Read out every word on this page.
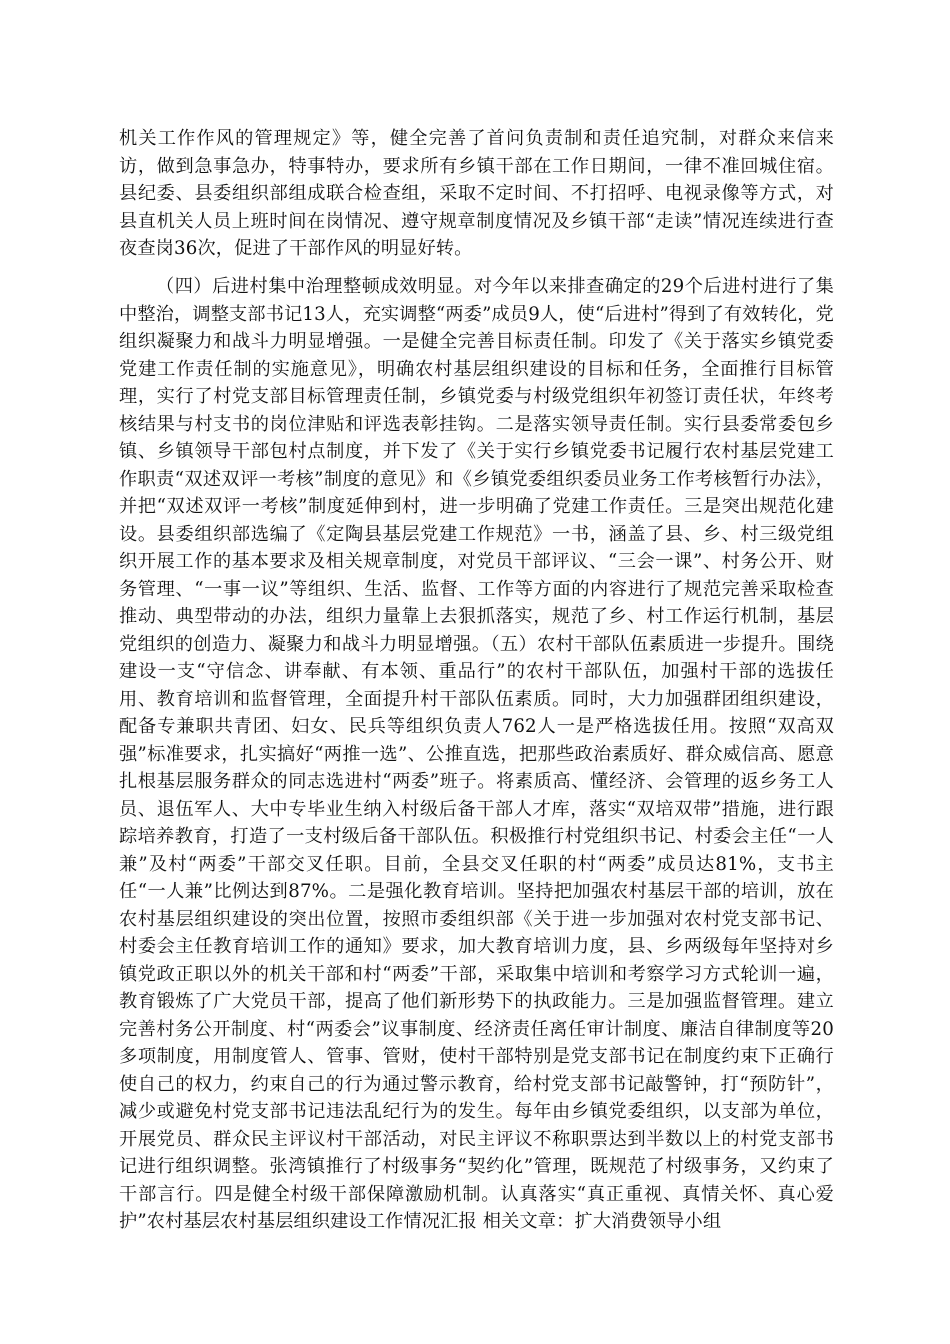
机关工作作风的管理规定》等，健全完善了首问负责制和责任追究制，对群众来信来访，做到急事急办，特事特办，要求所有乡镇干部在工作日期间，一律不准回城住宿。县纪委、县委组织部组成联合检查组，采取不定时间、不打招呼、电视录像等方式，对县直机关人员上班时间在岗情况、遵守规章制度情况及乡镇干部“走读”情况连续进行查夜查岗36次，促进了干部作风的明显好转。
（四）后进村集中治理整顿成效明显。对今年以来排查确定的29个后进村进行了集中整治，调整支部书记13人，充实调整“两委”成员9人，使“后进村”得到了有效转化，党组织凝聚力和战斗力明显增强。一是健全完善目标责任制。印发了《关于落实乡镇党委党建工作责任制的实施意见》，明确农村基层组织建设的目标和任务，全面推行目标管理，实行了村党支部目标管理责任制，乡镇党委与村级党组织年初签订责任状，年终考核结果与村支书的岗位津贴和评选表彰挂钩。二是落实领导责任制。实行县委常委包乡镇、乡镇领导干部包村点制度，并下发了《关于实行乡镇党委书记履行农村基层党建工作职责“双述双评一考核”制度的意见》和《乡镇党委组织委员业务工作考核暂行办法》，并把“双述双评一考核”制度延伸到村，进一步明确了党建工作责任。三是突出规范化建设。县委组织部选编了《定陶县基层党建工作规范》一书，涵盖了县、乡、村三级党组织开展工作的基本要求及相关规章制度，对党员干部评议、“三会一课”、村务公开、财务管理、“一事一议”等组织、生活、监督、工作等方面的内容进行了规范完善采取检查推动、典型带动的办法，组织力量靠上去狠抓落实，规范了乡、村工作运行机制，基层党组织的创造力、凝聚力和战斗力明显增强。（五）农村干部队伍素质进一步提升。围绕建设一支“守信念、讲奉献、有本领、重品行”的农村干部队伍，加强村干部的选拔任用、教育培训和监督管理，全面提升村干部队伍素质。同时，大力加强群团组织建设，配备专兼职共青团、妇女、民兵等组织负责人762人一是严格选拔任用。按照“双高双强”标准要求，扎实搞好“两推一选”、公推直选，把那些政治素质好、群众威信高、愿意扎根基层服务群众的同志选进村“两委”班子。将素质高、懂经济、会管理的返乡务工人员、退伍军人、大中专毕业生纳入村级后备干部人才库，落实“双培双带”措施，进行跟踪培养教育，打造了一支村级后备干部队伍。积极推行村党组织书记、村委会主任“一人兼”及村“两委”干部交叉任职。目前，全县交叉任职的村“两委”成员达81%，支书主任“一人兼”比例达到87%。二是强化教育培训。坚持把加强农村基层干部的培训，放在农村基层组织建设的突出位置，按照市委组织部《关于进一步加强对农村党支部书记、村委会主任教育培训工作的通知》要求，加大教育培训力度，县、乡两级每年坚持对乡镇党政正职以外的机关干部和村“两委”干部，采取集中培训和考察学习方式轮训一遍，教育锻炼了广大党员干部，提高了他们新形势下的执政能力。三是加强监督管理。建立完善村务公开制度、村“两委会”议事制度、经济责任离任审计制度、廉洁自律制度等20多项制度，用制度管人、管事、管财，使村干部特别是党支部书记在制度约束下正确行使自己的权力，约束自己的行为通过警示教育，给村党支部书记敲警钟，打“预防针”，减少或避免村党支部书记违法乱纪行为的发生。每年由乡镇党委组织，以支部为单位，开展党员、群众民主评议村干部活动，对民主评议不称职票达到半数以上的村党支部书记进行组织调整。张湾镇推行了村级事务“契约化”管理，既规范了村级事务，又约束了干部言行。四是健全村级干部保障激励机制。认真落实“真正重视、真情关怀、真心爱护”农村基层农村基层组织建设工作情况汇报 相关文章：扩大消费领导小组
